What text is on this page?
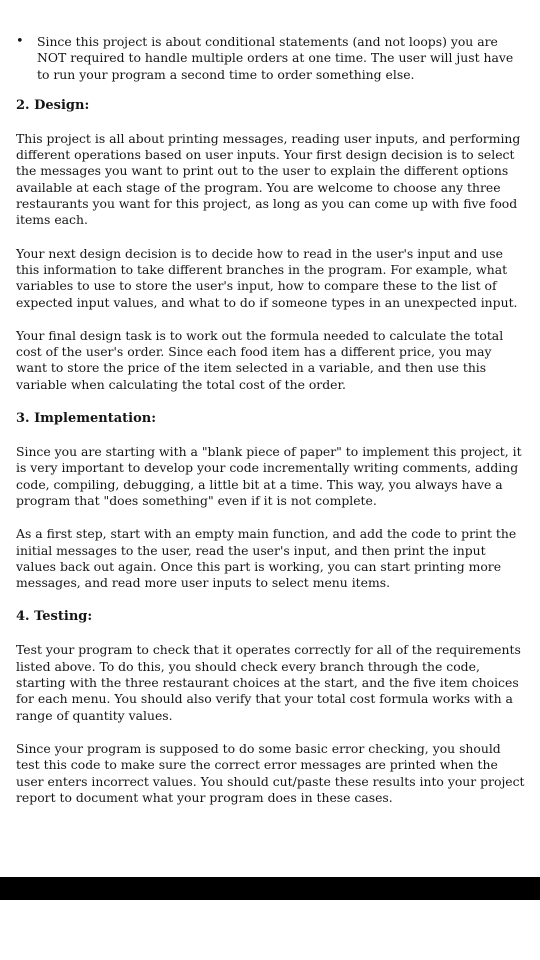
•	Since this project is about conditional statements (and not loops) you are NOT required to handle multiple orders at one time. The user will just have to run your program a second time to order something else.
2. Design:

This project is all about printing messages, reading user inputs, and performing different operations based on user inputs. Your first design decision is to select the messages you want to print out to the user to explain the different options available at each stage of the program. You are welcome to choose any three restaurants you want for this project, as long as you can come up with five food items each.

Your next design decision is to decide how to read in the user's input and use this information to take different branches in the program. For example, what variables to use to store the user's input, how to compare these to the list of expected input values, and what to do if someone types in an unexpected input.

Your final design task is to work out the formula needed to calculate the total cost of the user's order. Since each food item has a different price, you may want to store the price of the item selected in a variable, and then use this variable when calculating the total cost of the order.

3. Implementation:

Since you are starting with a "blank piece of paper" to implement this project, it is very important to develop your code incrementally writing comments, adding code, compiling, debugging, a little bit at a time. This way, you always have a program that "does something" even if it is not complete.

As a first step, start with an empty main function, and add the code to print the initial messages to the user, read the user's input, and then print the input values back out again. Once this part is working, you can start printing more messages, and read more user inputs to select menu items.

4. Testing:

Test your program to check that it operates correctly for all of the requirements listed above. To do this, you should check every branch through the code, starting with the three restaurant choices at the start, and the five item choices for each menu. You should also verify that your total cost formula works with a range of quantity values.

Since your program is supposed to do some basic error checking, you should test this code to make sure the correct error messages are printed when the user enters incorrect values. You should cut/paste these results into your project report to document what your program does in these cases.
